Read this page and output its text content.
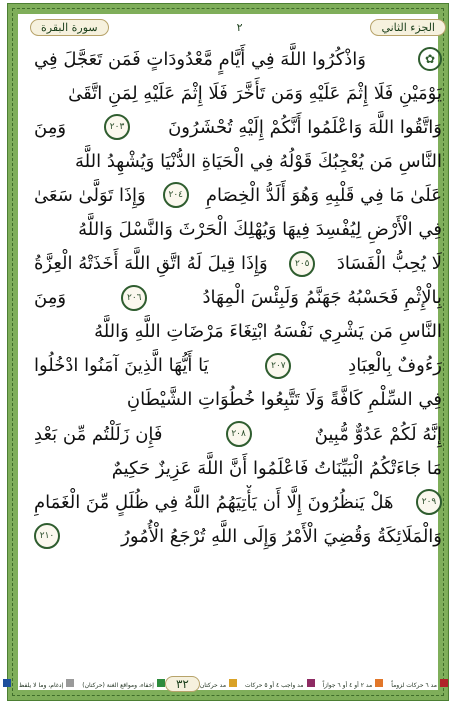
الجزء الثاني
٢
سورة البقرة
✿
وَاذْكُرُوا اللَّهَ فِي أَيَّامٍ مَّعْدُودَاتٍ فَمَن تَعَجَّلَ فِي
يَوْمَيْنِ فَلَا إِثْمَ عَلَيْهِ وَمَن تَأَخَّرَ فَلَا إِثْمَ عَلَيْهِ لِمَنِ اتَّقَىٰ
وَاتَّقُوا اللَّهَ وَاعْلَمُوا أَنَّكُمْ إِلَيْهِ تُحْشَرُونَ
٢٠٣
وَمِنَ
النَّاسِ مَن يُعْجِبُكَ قَوْلُهُ فِي الْحَيَاةِ الدُّنْيَا وَيُشْهِدُ اللَّهَ
عَلَىٰ مَا فِي قَلْبِهِ وَهُوَ أَلَدُّ الْخِصَامِ
٢٠٤
وَإِذَا تَوَلَّىٰ سَعَىٰ
فِي الْأَرْضِ لِيُفْسِدَ فِيهَا وَيُهْلِكَ الْحَرْثَ وَالنَّسْلَ وَاللَّهُ
لَا يُحِبُّ الْفَسَادَ
٢٠٥
وَإِذَا قِيلَ لَهُ اتَّقِ اللَّهَ أَخَذَتْهُ الْعِزَّةُ
بِالْإِثْمِ فَحَسْبُهُ جَهَنَّمُ وَلَبِئْسَ الْمِهَادُ
٢٠٦
وَمِنَ
النَّاسِ مَن يَشْرِي نَفْسَهُ ابْتِغَاءَ مَرْضَاتِ اللَّهِ وَاللَّهُ
رَءُوفٌ بِالْعِبَادِ
٢٠٧
يَا أَيُّهَا الَّذِينَ آمَنُوا ادْخُلُوا
فِي السِّلْمِ كَافَّةً وَلَا تَتَّبِعُوا خُطُوَاتِ الشَّيْطَانِ
إِنَّهُ لَكُمْ عَدُوٌّ مُّبِينٌ
٢٠٨
فَإِن زَلَلْتُم مِّن بَعْدِ
مَا جَاءَتْكُمُ الْبَيِّنَاتُ فَاعْلَمُوا أَنَّ اللَّهَ عَزِيزٌ حَكِيمٌ
٢٠٩
هَلْ يَنظُرُونَ إِلَّا أَن يَأْتِيَهُمُ اللَّهُ فِي ظُلَلٍ مِّنَ الْغَمَامِ
وَالْمَلَائِكَةُ وَقُضِيَ الْأَمْرُ وَإِلَى اللَّهِ تُرْجَعُ الْأُمُورُ
٢١٠
مد ٦ حركات لزوماً
مد ٢ أو ٤ أو ٦ جوازاً
مد واجب ٤ أو ٥ حركات
مد حركتان
٣٢
إخفاء، ومواقع الغنة (حركتان)
إدغام، وما لا يلفظ
